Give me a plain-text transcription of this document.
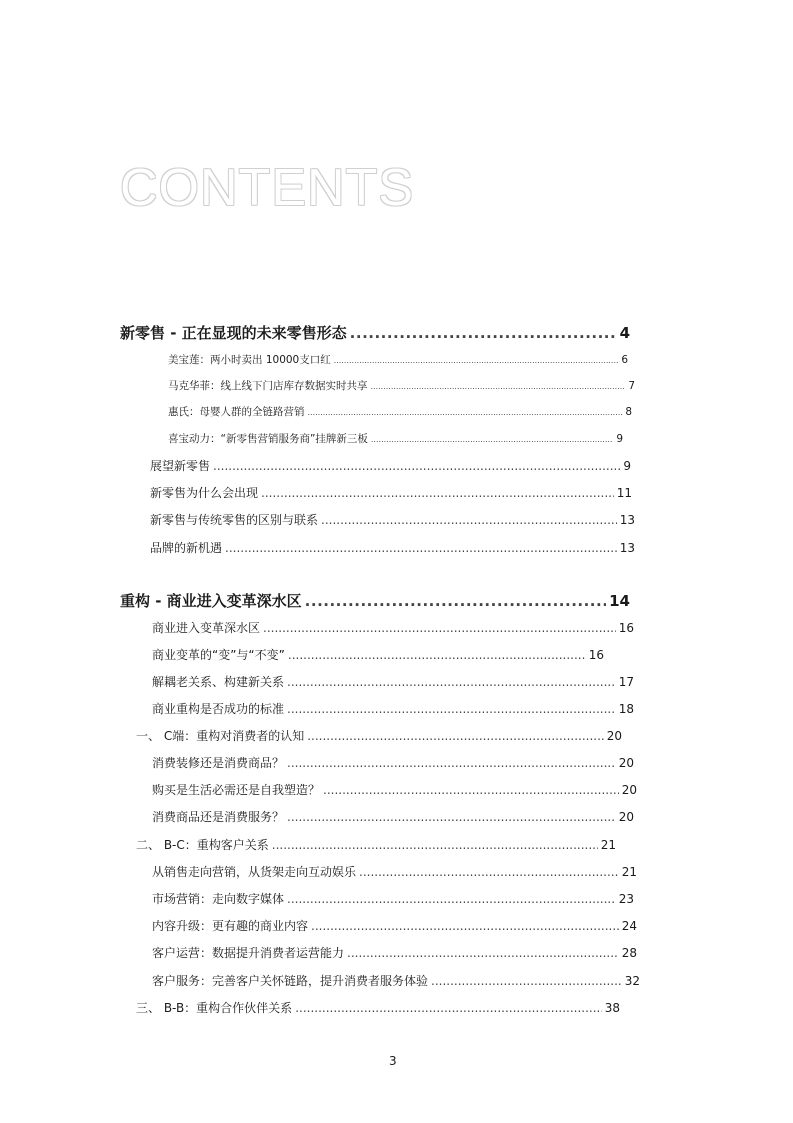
CONTENTS
新零售 - 正在显现的未来零售形态 .....	4
美宝莲：两小时卖出 10000支口红 .....	6
马克华菲：线上线下门店库存数据实时共享 .....	7
惠氏：母婴人群的全链路营销 .....	8
喜宝动力：“新零售营销服务商”挂牌新三板 .....	9
展望新零售 .....	9
新零售为什么会出现 .....	11
新零售与传统零售的区别与联系 .....	13
品牌的新机遇 .....	13
重构 - 商业进入变革深水区 .....	14
商业进入变革深水区 .....	16
商业变革的“变”与“不变” .....	16
解耦老关系、构建新关系 .....	17
商业重构是否成功的标准 .....	18
一、 C端：重构对消费者的认知 .....	20
消费装修还是消费商品？ .....	20
购买是生活必需还是自我塑造？ .....	20
消费商品还是消费服务？ .....	20
二、 B-C：重构客户关系 .....	21
从销售走向营销，从货架走向互动娱乐 .....	21
市场营销：走向数字媒体 .....	23
内容升级：更有趣的商业内容 .....	24
客户运营：数据提升消费者运营能力 .....	28
客户服务：完善客户关怀链路，提升消费者服务体验 .....	32
三、 B-B：重构合作伙伴关系 .....	38
3
